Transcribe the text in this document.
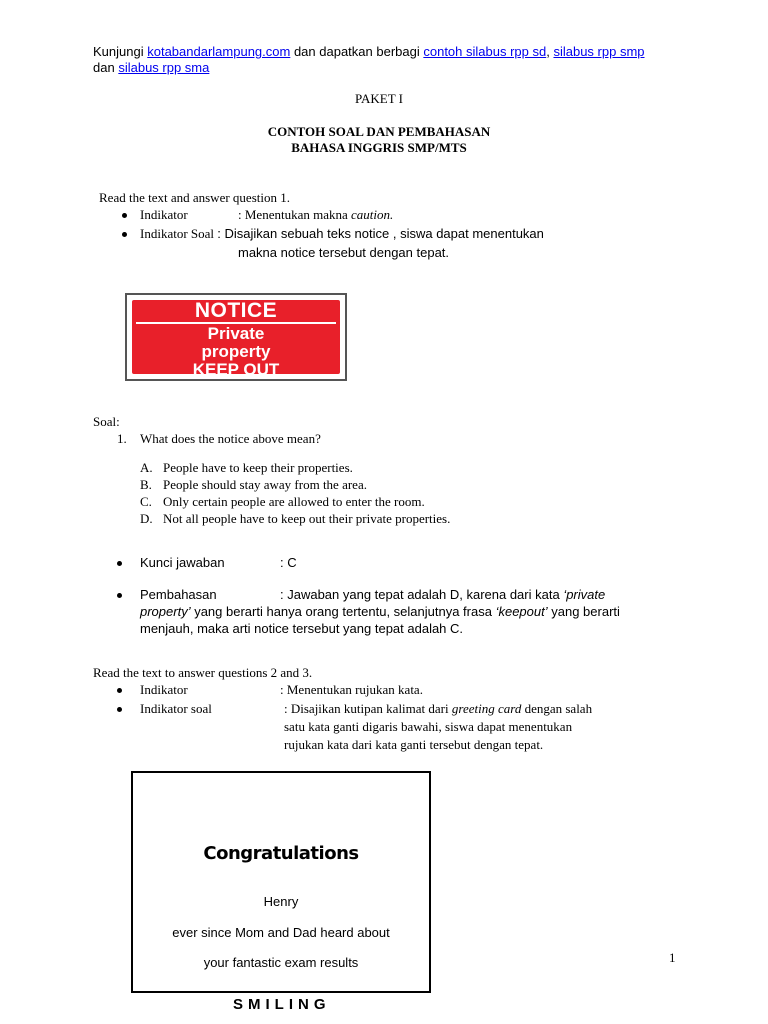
Kunjungi kotabandarlampung.com dan dapatkan berbagi contoh silabus rpp sd, silabus rpp smp
dan silabus rpp sma
PAKET I
CONTOH SOAL DAN PEMBAHASAN
BAHASA INGGRIS SMP/MTS
Read the text and answer question 1.
Indikator	: Menentukan makna caution.
Indikator Soal : Disajikan sebuah teks notice , siswa dapat menentukan
makna notice tersebut dengan tepat.
NOTICE
Private
property
KEEP OUT
Soal:
1. What does the notice above mean?
A. People have to keep their properties.
B. People should stay away from the area.
C. Only certain people are allowed to enter the room.
D. Not all people have to keep out their private properties.
Kunci jawaban	: C
Pembahasan	: Jawaban yang tepat adalah D, karena dari kata ‘private
property’ yang berarti hanya orang tertentu, selanjutnya frasa ‘keepout’ yang berarti
menjauh, maka arti notice tersebut yang tepat adalah C.
Read the text to answer questions 2 and 3.
Indikator	: Menentukan rujukan kata.
Indikator soal	: Disajikan kutipan kalimat dari greeting card dengan salah
satu kata ganti digaris bawahi, siswa dapat menentukan
rujukan kata dari kata ganti tersebut dengan tepat.
Congratulations
Henry
ever since Mom and Dad heard about
your fantastic exam results
SMILING
1
